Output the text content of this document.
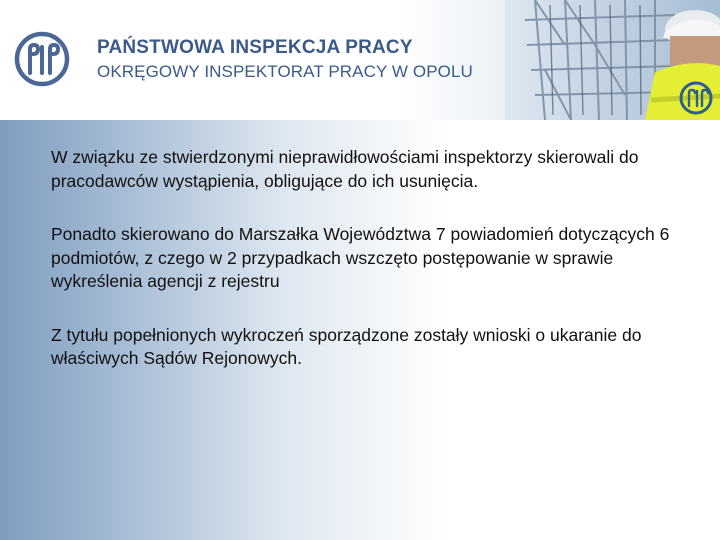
PAŃSTWOWA INSPEKCJA PRACY
OKRĘGOWY INSPEKTORAT PRACY W OPOLU

W związku ze stwierdzonymi nieprawidłowościami inspektorzy skierowali do pracodawców wystąpienia, obligujące do ich usunięcia.

Ponadto skierowano do Marszałka Województwa 7 powiadomień dotyczących 6 podmiotów, z czego w 2 przypadkach wszczęto postępowanie w sprawie wykreślenia agencji z rejestru

Z tytułu popełnionych wykroczeń sporządzone zostały wnioski o ukaranie do właściwych Sądów Rejonowych.
